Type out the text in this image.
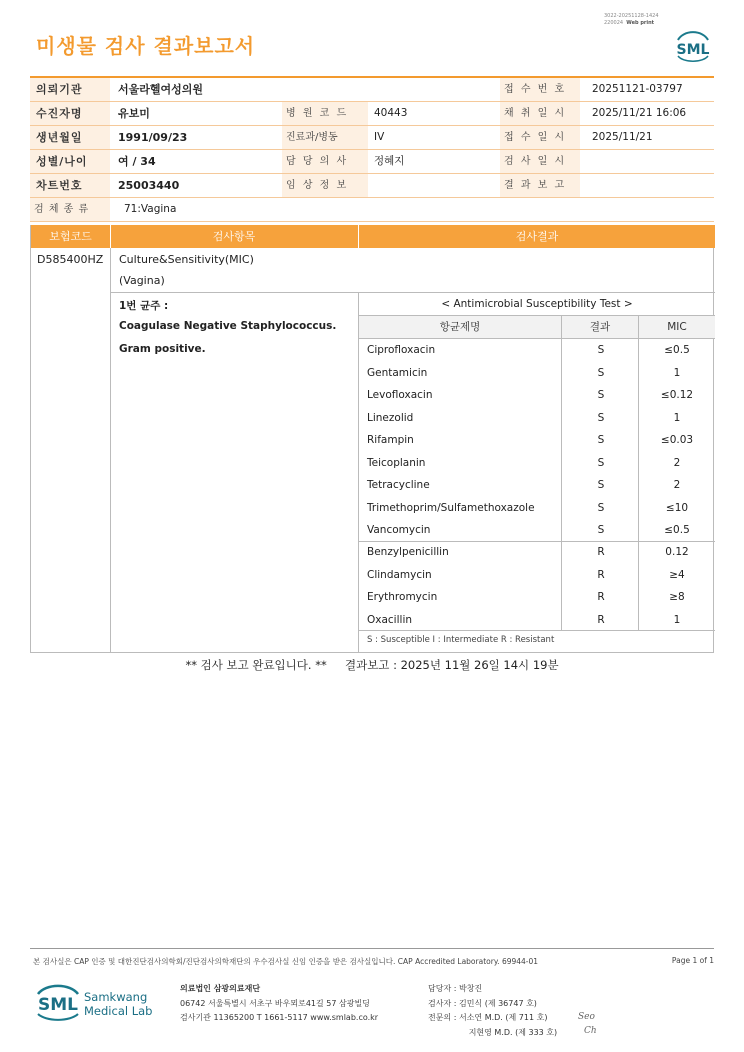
미생물 검사 결과보고서
3022-20251128-1424
220024 Web print
SML
의뢰기관	서울라헬여성의원	접 수 번 호	20251121-03797
수진자명	유보미	병 원 코 드	40443	채 취 일 시	2025/11/21 16:06
생년월일	1991/09/23	진료과/병동	IV	접 수 일 시	2025/11/21
성별/나이	여 / 34	담 당 의 사	정혜지	검 사 일 시
차트번호	25003440	임 상 정 보	결 과 보 고
검 체 종 류	71:Vagina
보험코드	검사항목	검사결과
D585400HZ Culture&Sensitivity(MIC)
(Vagina)
1번 균주 :
Coagulase Negative Staphylococcus.
Gram positive.
< Antimicrobial Susceptibility Test >
항균제명	결과	MIC
Ciprofloxacin	S	≤0.5
Gentamicin	S	1
Levofloxacin	S	≤0.12
Linezolid	S	1
Rifampin	S	≤0.03
Teicoplanin	S	2
Tetracycline	S	2
Trimethoprim/Sulfamethoxazole	S	≤10
Vancomycin	S	≤0.5
Benzylpenicillin	R	0.12
Clindamycin	R	≥4
Erythromycin	R	≥8
Oxacillin	R	1
S : Susceptible I : Intermediate R : Resistant
** 검사 보고 완료입니다. **     결과보고 : 2025년 11월 26일 14시 19분
본 검사실은 CAP 인증 및 대한진단검사의학회/진단검사의학재단의 우수검사실 신임 인증을 받은 검사실입니다. CAP Accredited Laboratory. 69944-01	Page 1 of 1
SML Samkwang
Medical Lab
의료법인 삼광의료재단
06742 서울특별시 서초구 바우뫼로41길 57 삼광빌딩
검사기관 11365200 T 1661-5117 www.smlab.co.kr
담당자 : 박창진
검사자 : 김민식 (제 36747 호)
전문의 : 서소연 M.D. (제 711 호)
지현영 M.D. (제 333 호)
Seo
Ch
